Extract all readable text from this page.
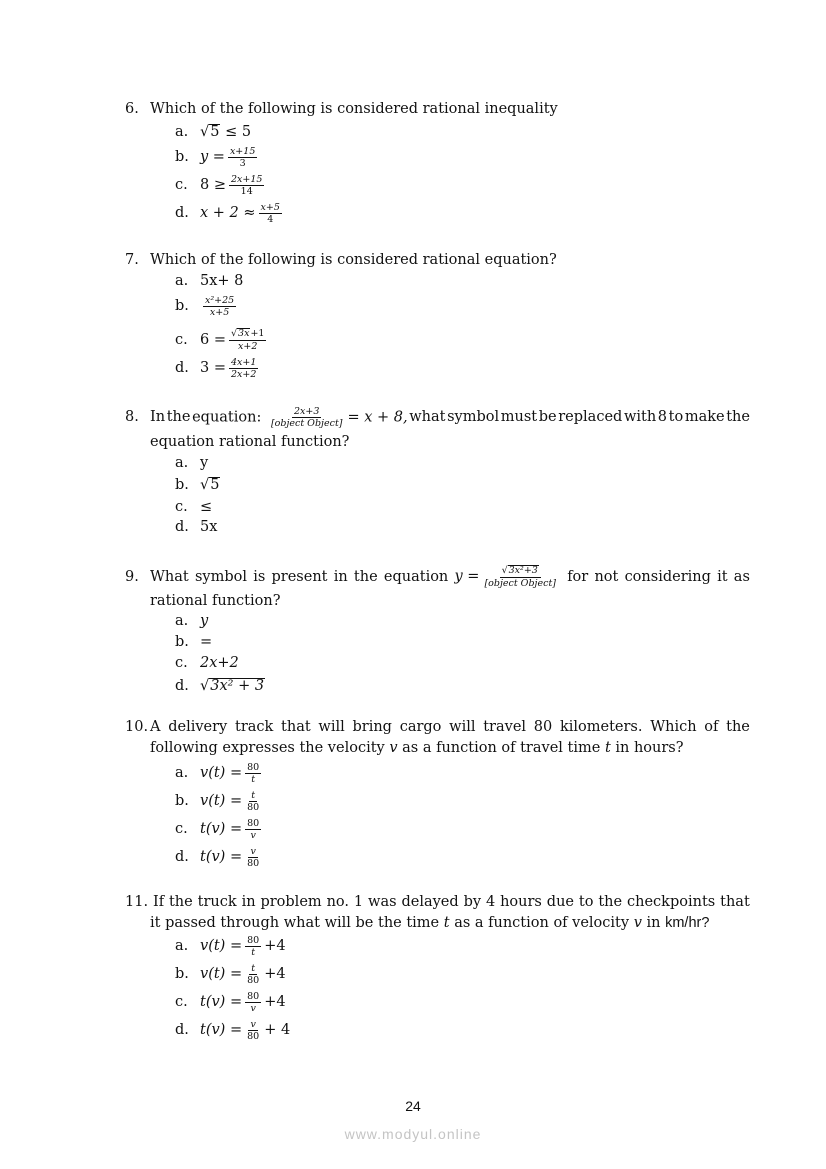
6. Which of the following is considered rational inequality
a. √ 5
≤ 5
b. $y = \frac{x+15}{3}$
c. $8 \ge \frac{2x+15}{14}$
d. $x + 2 \approx \frac{x+5}{4}$
7. Which of the following is considered rational equation?
a. 5x+ 8
b.	$\frac{\text{x²+25}}{x+5}$
c. $6 = \frac{√ 3x +1}{x+2}$
d. $3 = \frac{4x+1}{2x+2}$
8. In the equation: $\frac{2x+3}{\text{[object Object]}} = x + 8$, what symbol must be replaced with 8 to make the
equation rational function?
a. y
b. √ 5
c. ≤
d. 5x
9. What symbol is present in the equation $y = \frac{\text{√ 3x²+3}}{\text{[object Object]}}$ for not considering it as
rational function?
a. y
b. =
c. 2x+2
d. √ 3x² + 3
10. A delivery track that will bring cargo will travel 80 kilometers. Which of the
following expresses the velocity
v
as a function of travel time
t
in hours?
a. $v(t) = \frac{80}{t}$
b. $v(t) = \frac{t}{80}$
c. $t(v) = \frac{80}{v}$
d. $t(v) = \frac{v}{80}$
11. If the truck in problem no. 1 was delayed by 4 hours due to the checkpoints that
it passed through what will be the time
t
as a function of velocity
v
in
km/hr?
a. $v(t) = \frac{80}{t} +4$
b. $v(t) = \frac{t}{80} +4$
c. $t(v) = \frac{80}{v} +4$
d. $t(v) = \frac{v}{80} + 4$
24
www.modyul.online
